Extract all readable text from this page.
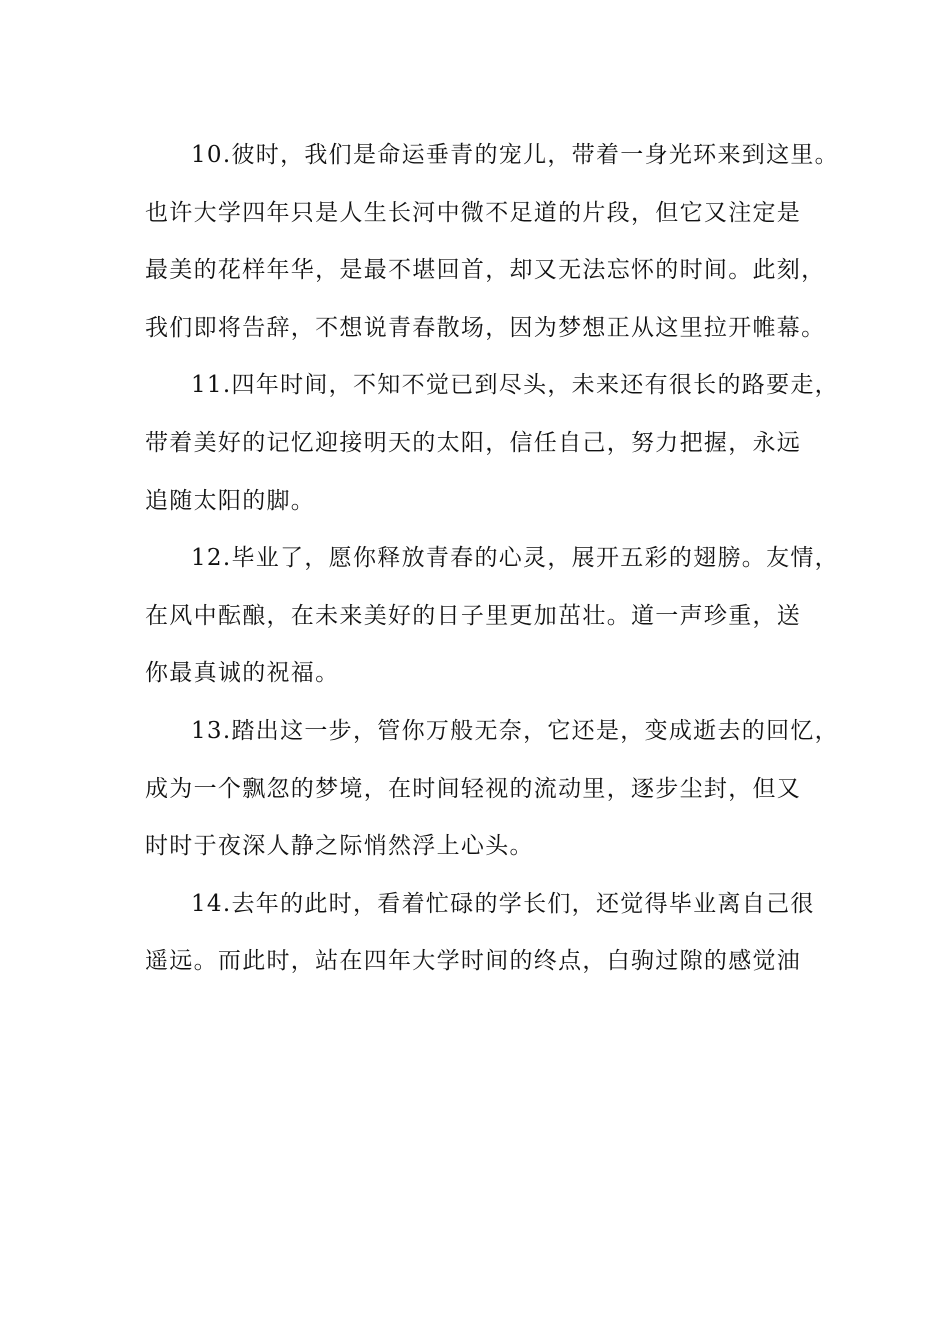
10.彼时，我们是命运垂青的宠儿，带着一身光环来到这里。
也许大学四年只是人生长河中微不足道的片段，但它又注定是
最美的花样年华，是最不堪回首，却又无法忘怀的时间。此刻，
我们即将告辞，不想说青春散场，因为梦想正从这里拉开帷幕。
11.四年时间，不知不觉已到尽头，未来还有很长的路要走，
带着美好的记忆迎接明天的太阳，信任自己，努力把握，永远
追随太阳的脚。
12.毕业了，愿你释放青春的心灵，展开五彩的翅膀。友情，
在风中酝酿，在未来美好的日子里更加茁壮。道一声珍重，送
你最真诚的祝福。
13.踏出这一步，管你万般无奈，它还是，变成逝去的回忆，
成为一个飘忽的梦境，在时间轻视的流动里，逐步尘封，但又
时时于夜深人静之际悄然浮上心头。
14.去年的此时，看着忙碌的学长们，还觉得毕业离自己很
遥远。而此时，站在四年大学时间的终点，白驹过隙的感觉油
